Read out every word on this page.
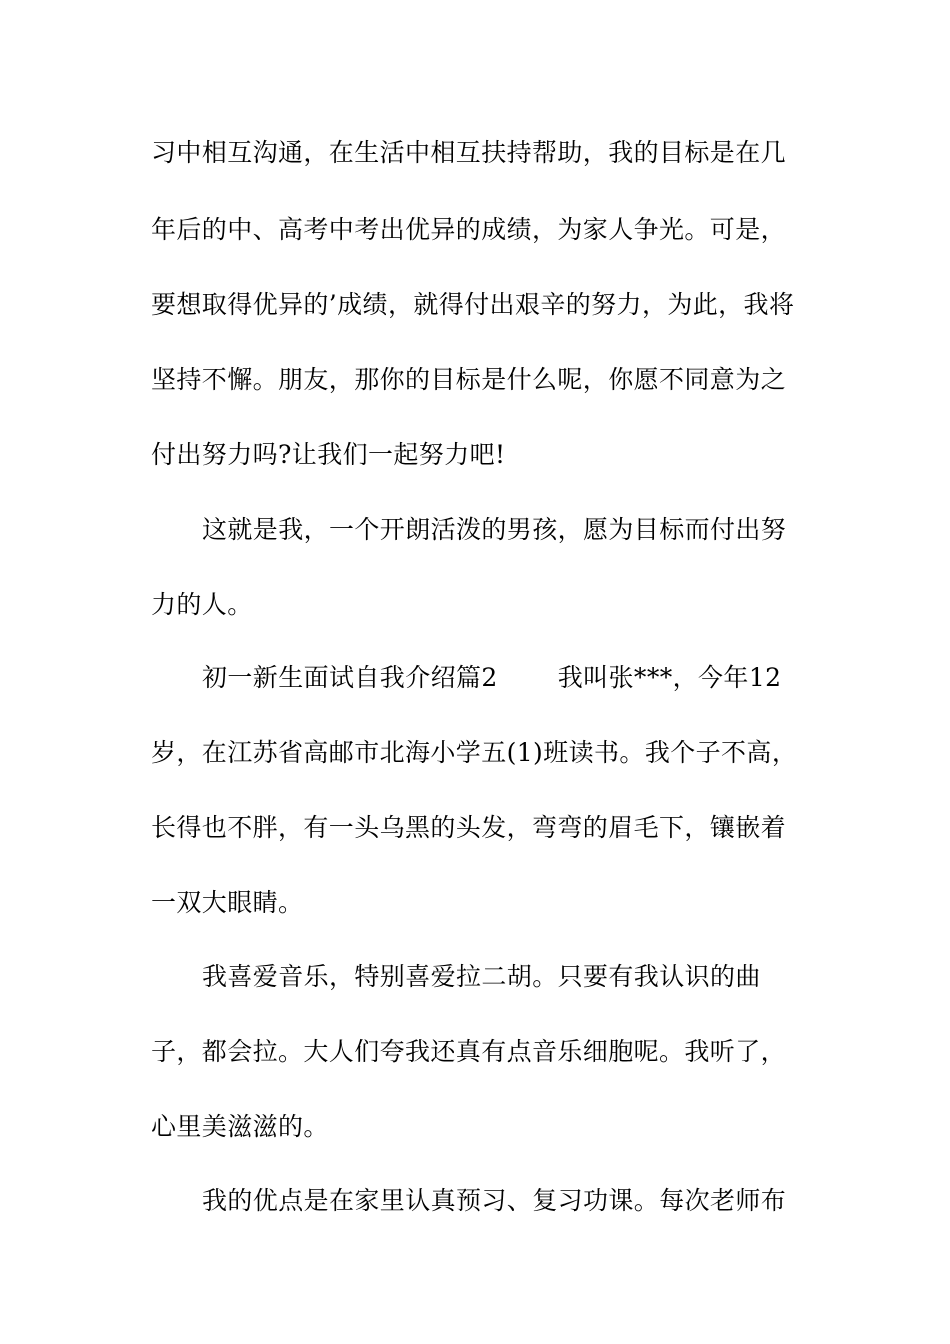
习中相互沟通，在生活中相互扶持帮助，我的目标是在几
年后的中、高考中考出优异的成绩，为家人争光。可是，
要想取得优异的’成绩，就得付出艰辛的努力，为此，我将
坚持不懈。朋友，那你的目标是什么呢，你愿不同意为之
付出努力吗?让我们一起努力吧!
这就是我，一个开朗活泼的男孩，愿为目标而付出努
力的人。
初一新生面试自我介绍篇2 我叫张***，今年12
岁，在江苏省高邮市北海小学五(1)班读书。我个子不高，
长得也不胖，有一头乌黑的头发，弯弯的眉毛下，镶嵌着
一双大眼睛。
我喜爱音乐，特别喜爱拉二胡。只要有我认识的曲
子，都会拉。大人们夸我还真有点音乐细胞呢。我听了，
心里美滋滋的。
我的优点是在家里认真预习、复习功课。每次老师布
